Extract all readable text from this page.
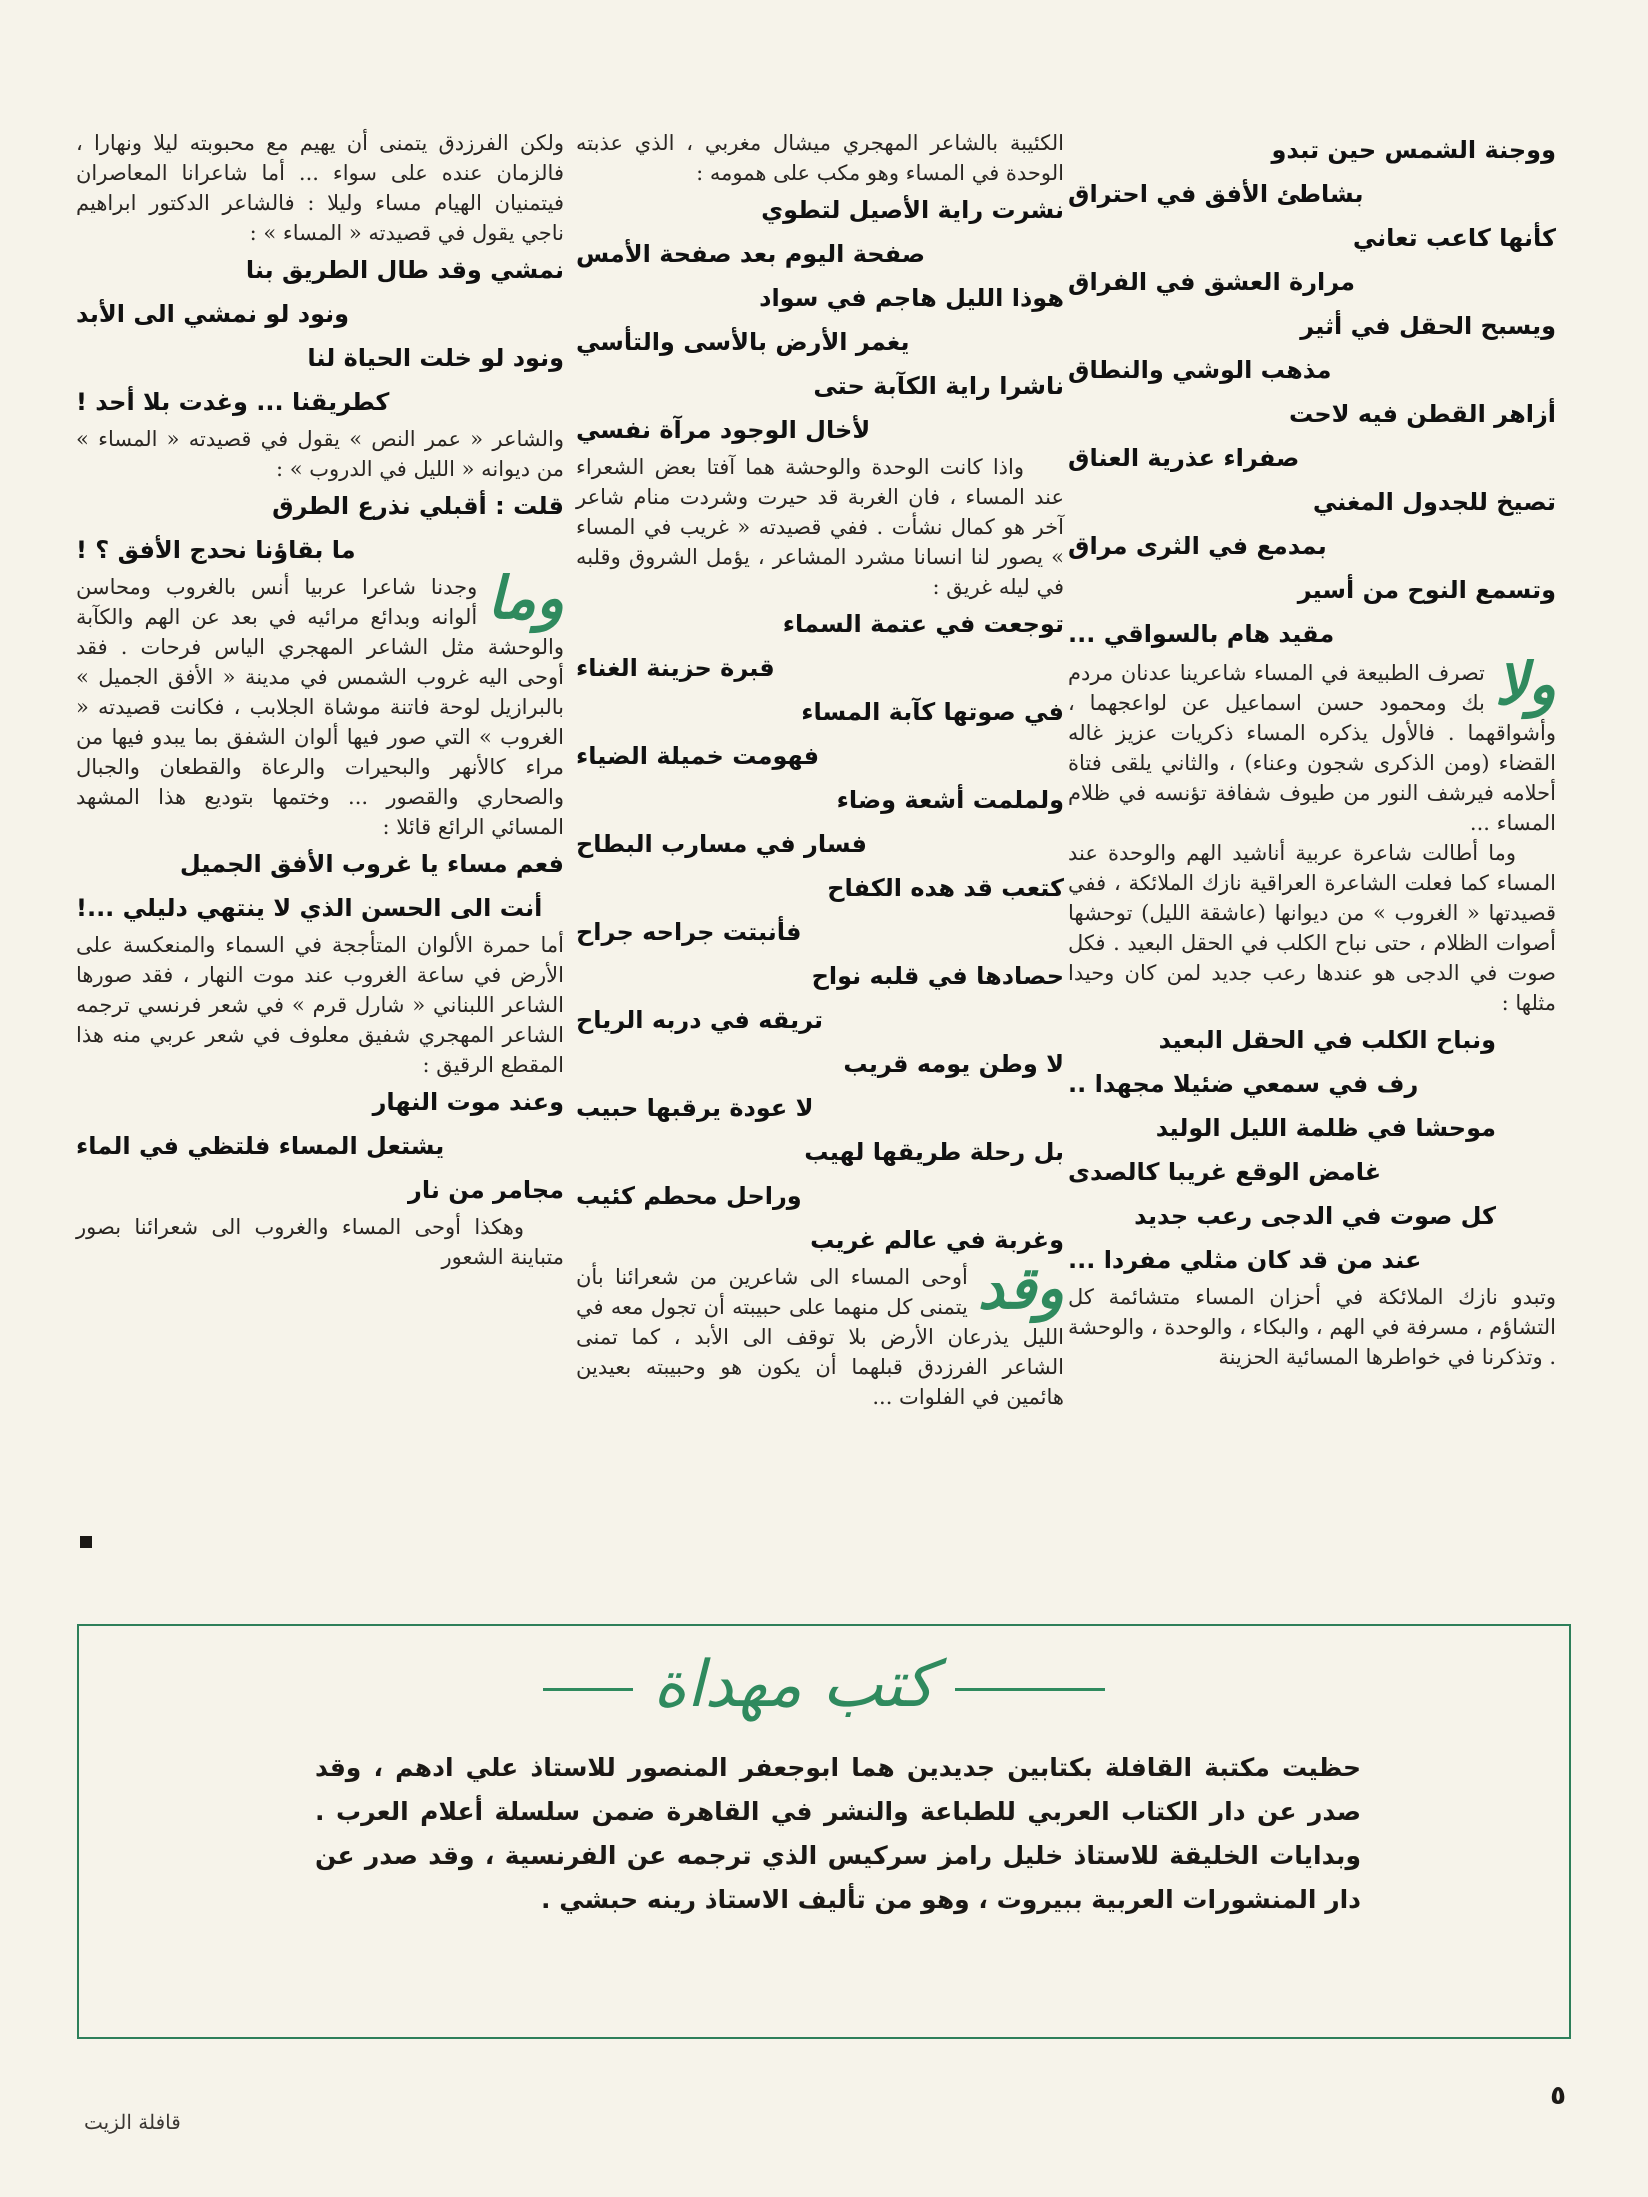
ووجنة الشمس حين تبدو
بشاطئ الأفق في احتراق
كأنها كاعب تعاني
مرارة العشق في الفراق
ويسبح الحقل في أثير
مذهب الوشي والنطاق
أزاهر القطن فيه لاحت
صفراء عذرية العناق
تصيخ للجدول المغني
بمدمع في الثرى مراق
وتسمع النوح من أسير
مقيد هام بالسواقي ...

ولا
تصرف الطبيعة في المساء شاعرينا عدنان مردم بك ومحمود حسن اسماعيل عن لواعجهما ، وأشواقهما . فالأول يذكره المساء ذكريات عزيز غاله القضاء (ومن الذكرى شجون وعناء) ، والثاني يلقى فتاة أحلامه فيرشف النور من طيوف شفافة تؤنسه في ظلام المساء ...

وما أطالت شاعرة عربية أناشيد الهم والوحدة عند المساء كما فعلت الشاعرة العراقية نازك الملائكة ، ففي قصيدتها « الغروب » من ديوانها (عاشقة الليل) توحشها أصوات الظلام ، حتى نباح الكلب في الحقل البعيد . فكل صوت في الدجى هو عندها رعب جديد لمن كان وحيدا مثلها :

ونباح الكلب في الحقل البعيد
رف في سمعي ضئيلا مجهدا ..
موحشا في ظلمة الليل الوليد
غامض الوقع غريبا كالصدى
كل صوت في الدجى رعب جديد
عند من قد كان مثلي مفردا ...

وتبدو نازك الملائكة في أحزان المساء متشائمة كل التشاؤم ، مسرفة في الهم ، والبكاء ، والوحدة ، والوحشة . وتذكرنا في خواطرها المسائية الحزينة

الكئيبة بالشاعر المهجري ميشال مغربي ، الذي عذبته الوحدة في المساء وهو مكب على همومه :

نشرت راية الأصيل لتطوي
صفحة اليوم بعد صفحة الأمس
هوذا الليل هاجم في سواد
يغمر الأرض بالأسى والتأسي
ناشرا راية الكآبة حتى
لأخال الوجود مرآة نفسي

واذا كانت الوحدة والوحشة هما آفتا بعض الشعراء عند المساء ، فان الغربة قد حيرت وشردت منام شاعر آخر هو كمال نشأت . ففي قصيدته « غريب في المساء » يصور لنا انسانا مشرد المشاعر ، يؤمل الشروق وقلبه في ليله غريق :

توجعت في عتمة السماء
قبرة حزينة الغناء
في صوتها كآبة المساء
فهومت خميلة الضياء
ولملمت أشعة وضاء
فسار في مسارب البطاح
كتعب قد هده الكفاح
فأنبتت جراحه جراح
حصادها في قلبه نواح
تريقه في دربه الرياح
لا وطن يومه قريب
لا عودة يرقبها حبيب
بل رحلة طريقها لهيب
وراحل محطم كئيب
وغربة في عالم غريب

وقد
أوحى المساء الى شاعرين من شعرائنا بأن يتمنى كل منهما على حبيبته أن تجول معه في الليل يذرعان الأرض بلا توقف الى الأبد ، كما تمنى الشاعر الفرزدق قبلهما أن يكون هو وحبيبته بعيدين هائمين في الفلوات ...

ولكن الفرزدق يتمنى أن يهيم مع محبوبته ليلا ونهارا ، فالزمان عنده على سواء ... أما شاعرانا المعاصران فيتمنيان الهيام مساء وليلا : فالشاعر الدكتور ابراهيم ناجي يقول في قصيدته « المساء » :

نمشي وقد طال الطريق بنا
ونود لو نمشي الى الأبد
ونود لو خلت الحياة لنا
كطريقنا ... وغدت بلا أحد !

والشاعر « عمر النص » يقول في قصيدته « المساء » من ديوانه « الليل في الدروب » :

قلت : أقبلي نذرع الطرق
ما بقاؤنا نحدج الأفق ؟ !

وما
وجدنا شاعرا عربيا أنس بالغروب ومحاسن ألوانه وبدائع مرائيه في بعد عن الهم والكآبة والوحشة مثل الشاعر المهجري الياس فرحات . فقد أوحى اليه غروب الشمس في مدينة « الأفق الجميل » بالبرازيل لوحة فاتنة موشاة الجلابب ، فكانت قصيدته « الغروب » التي صور فيها ألوان الشفق بما يبدو فيها من مراء كالأنهر والبحيرات والرعاة والقطعان والجبال والصحاري والقصور ... وختمها بتوديع هذا المشهد المسائي الرائع قائلا :

فعم مساء يا غروب الأفق الجميل
أنت الى الحسن الذي لا ينتهي دليلي ...!

أما حمرة الألوان المتأججة في السماء والمنعكسة على الأرض في ساعة الغروب عند موت النهار ، فقد صورها الشاعر اللبناني « شارل قرم » في شعر فرنسي ترجمه الشاعر المهجري شفيق معلوف في شعر عربي منه هذا المقطع الرقيق :

وعند موت النهار
يشتعل المساء فلتظي في الماء
مجامر من نار

وهكذا أوحى المساء والغروب الى شعرائنا بصور متباينة الشعور

كتب مهداة
حظيت مكتبة القافلة بكتابين جديدين هما ابوجعفر المنصور للاستاذ علي ادهم ، وقد صدر عن دار الكتاب العربي للطباعة والنشر في القاهرة ضمن سلسلة أعلام العرب . وبدايات الخليقة للاستاذ خليل رامز سركيس الذي ترجمه عن الفرنسية ، وقد صدر عن دار المنشورات العربية ببيروت ، وهو من تأليف الاستاذ رينه حبشي .
٥
قافلة الزيت
